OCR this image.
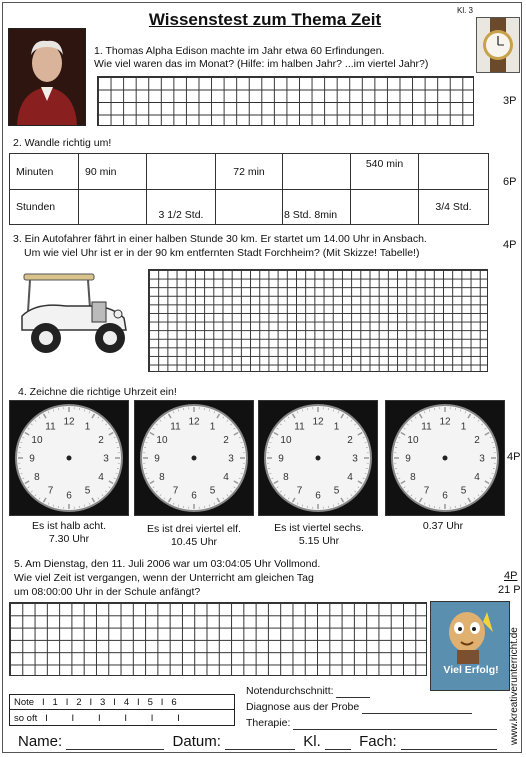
Wissenstest zum Thema Zeit	Kl. 3
1. Thomas Alpha Edison machte im Jahr etwa 60 Erfindungen.
Wie viel waren das im Monat? (Hilfe: im halben Jahr? ...im viertel Jahr?)
3P
2. Wandle richtig um!
Minuten	90 min		72 min		540 min	
Stunden		3 1/2 Std.		8 Std. 8min		3/4 Std.
6P
3. Ein Autofahrer fährt in einer halben Stunde 30 km. Er startet um 14.00 Uhr in Ansbach.
Um wie viel Uhr ist er in der 90 km entfernten Stadt Forchheim? (Mit Skizze! Tabelle!)
4P
4. Zeichne die richtige Uhrzeit ein!
4P
12 1
2
3
4
5
6
7
8
9
10
11	12 1
2
3
4
5
6
7
8
9
10
11	12 1
2
3
4
5
6
7
8
9
10
11	12 1
2
3
4
5
6
7
8
9
10
11
Es ist halb acht.
7.30 Uhr
Es ist drei viertel elf.
10.45 Uhr
Es ist viertel sechs.
5.15 Uhr
0.37 Uhr

5. Am Dienstag, den 11. Juli 2006 war um 03:04:05 Uhr Vollmond.
Wie viel Zeit ist vergangen, wenn der Unterricht am gleichen Tag
um 08:00:00 Uhr in der Schule anfängt?
4P
21 P
Viel Erfolg!
Note   I   1   I   2   I   3   I   4   I   5   I   6
so oft   I         I         I         I         I         I
Notendurchschnitt:
Diagnose aus der Probe
Therapie:
Name:	Datum:	Kl.	Fach:	www.kreativerunterricht.de
